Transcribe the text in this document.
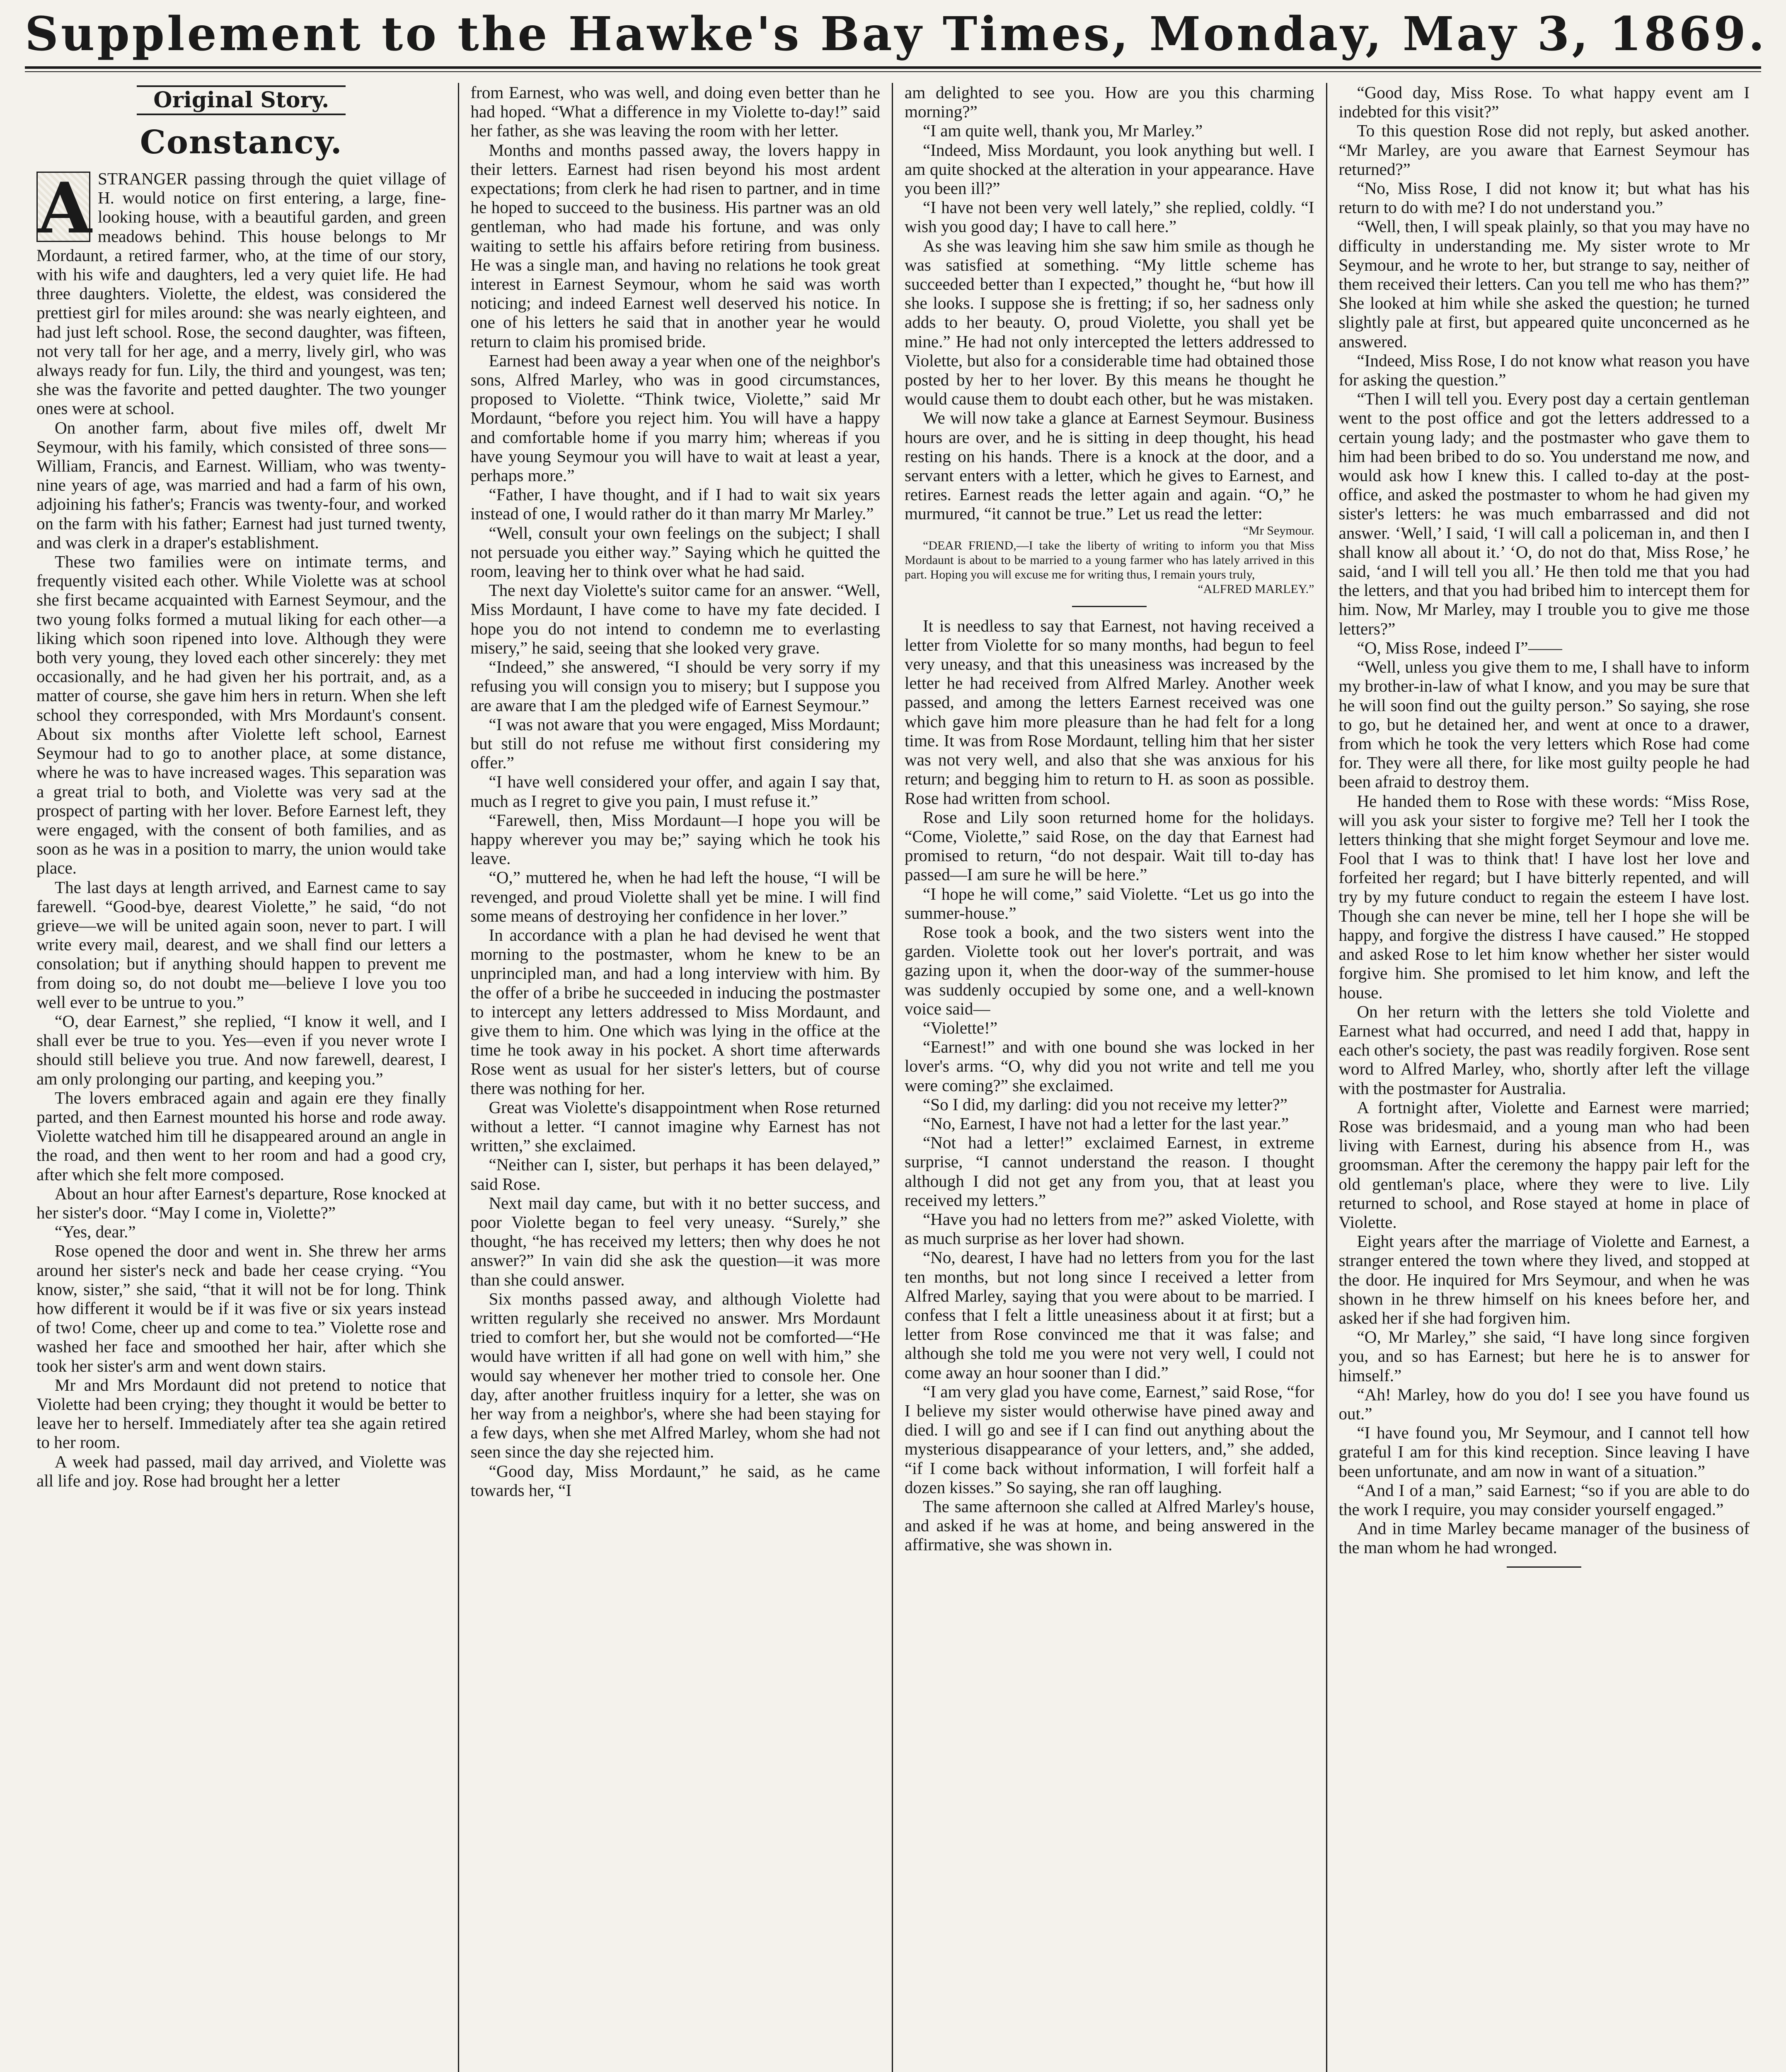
Supplement to the Hawke's Bay Times, Monday, May 3, 1869.
Original Story.
Constancy.
A STRANGER passing through the quiet village of H. would notice on first entering, a large, fine-looking house, with a beautiful garden, and green meadows behind. This house belongs to Mr Mordaunt, a retired farmer, who, at the time of our story, with his wife and daughters, led a very quiet life. He had three daughters. Violette, the eldest, was considered the prettiest girl for miles around: she was nearly eighteen, and had just left school. Rose, the second daughter, was fifteen, not very tall for her age, and a merry, lively girl, who was always ready for fun. Lily, the third and youngest, was ten; she was the favorite and petted daughter. The two younger ones were at school.

On another farm, about five miles off, dwelt Mr Seymour, with his family, which consisted of three sons—William, Francis, and Earnest. William, who was twenty-nine years of age, was married and had a farm of his own, adjoining his father's; Francis was twenty-four, and worked on the farm with his father; Earnest had just turned twenty, and was clerk in a draper's establishment.

These two families were on intimate terms, and frequently visited each other. While Violette was at school she first became acquainted with Earnest Seymour, and the two young folks formed a mutual liking for each other—a liking which soon ripened into love. Although they were both very young, they loved each other sincerely: they met occasionally, and he had given her his portrait, and, as a matter of course, she gave him hers in return. When she left school they corresponded, with Mrs Mordaunt's consent. About six months after Violette left school, Earnest Seymour had to go to another place, at some distance, where he was to have increased wages. This separation was a great trial to both, and Violette was very sad at the prospect of parting with her lover. Before Earnest left, they were engaged, with the consent of both families, and as soon as he was in a position to marry, the union would take place.

The last days at length arrived, and Earnest came to say farewell. “Good-bye, dearest Violette,” he said, “do not grieve—we will be united again soon, never to part. I will write every mail, dearest, and we shall find our letters a consolation; but if anything should happen to prevent me from doing so, do not doubt me—believe I love you too well ever to be untrue to you.”

“O, dear Earnest,” she replied, “I know it well, and I shall ever be true to you. Yes—even if you never wrote I should still believe you true. And now farewell, dearest, I am only prolonging our parting, and keeping you.”

The lovers embraced again and again ere they finally parted, and then Earnest mounted his horse and rode away. Violette watched him till he disappeared around an angle in the road, and then went to her room and had a good cry, after which she felt more composed.

About an hour after Earnest's departure, Rose knocked at her sister's door. “May I come in, Violette?”

“Yes, dear.”

Rose opened the door and went in. She threw her arms around her sister's neck and bade her cease crying. “You know, sister,” she said, “that it will not be for long. Think how different it would be if it was five or six years instead of two! Come, cheer up and come to tea.” Violette rose and washed her face and smoothed her hair, after which she took her sister's arm and went down stairs.

Mr and Mrs Mordaunt did not pretend to notice that Violette had been crying; they thought it would be better to leave her to herself. Immediately after tea she again retired to her room.

A week had passed, mail day arrived, and Violette was all life and joy. Rose had brought her a letter

from Earnest, who was well, and doing even better than he had hoped. “What a difference in my Violette to-day!” said her father, as she was leaving the room with her letter.

Months and months passed away, the lovers happy in their letters. Earnest had risen beyond his most ardent expectations; from clerk he had risen to partner, and in time he hoped to succeed to the business. His partner was an old gentleman, who had made his fortune, and was only waiting to settle his affairs before retiring from business. He was a single man, and having no relations he took great interest in Earnest Seymour, whom he said was worth noticing; and indeed Earnest well deserved his notice. In one of his letters he said that in another year he would return to claim his promised bride.

Earnest had been away a year when one of the neighbor's sons, Alfred Marley, who was in good circumstances, proposed to Violette. “Think twice, Violette,” said Mr Mordaunt, “before you reject him. You will have a happy and comfortable home if you marry him; whereas if you have young Seymour you will have to wait at least a year, perhaps more.”

“Father, I have thought, and if I had to wait six years instead of one, I would rather do it than marry Mr Marley.”

“Well, consult your own feelings on the subject; I shall not persuade you either way.” Saying which he quitted the room, leaving her to think over what he had said.

The next day Violette's suitor came for an answer. “Well, Miss Mordaunt, I have come to have my fate decided. I hope you do not intend to condemn me to everlasting misery,” he said, seeing that she looked very grave.

“Indeed,” she answered, “I should be very sorry if my refusing you will consign you to misery; but I suppose you are aware that I am the pledged wife of Earnest Seymour.”

“I was not aware that you were engaged, Miss Mordaunt; but still do not refuse me without first considering my offer.”

“I have well considered your offer, and again I say that, much as I regret to give you pain, I must refuse it.”

“Farewell, then, Miss Mordaunt—I hope you will be happy wherever you may be;” saying which he took his leave.

“O,” muttered he, when he had left the house, “I will be revenged, and proud Violette shall yet be mine. I will find some means of destroying her confidence in her lover.”

In accordance with a plan he had devised he went that morning to the postmaster, whom he knew to be an unprincipled man, and had a long interview with him. By the offer of a bribe he succeeded in inducing the postmaster to intercept any letters addressed to Miss Mordaunt, and give them to him. One which was lying in the office at the time he took away in his pocket. A short time afterwards Rose went as usual for her sister's letters, but of course there was nothing for her.

Great was Violette's disappointment when Rose returned without a letter. “I cannot imagine why Earnest has not written,” she exclaimed.

“Neither can I, sister, but perhaps it has been delayed,” said Rose.

Next mail day came, but with it no better success, and poor Violette began to feel very uneasy. “Surely,” she thought, “he has received my letters; then why does he not answer?” In vain did she ask the question—it was more than she could answer.

Six months passed away, and although Violette had written regularly she received no answer. Mrs Mordaunt tried to comfort her, but she would not be comforted—“He would have written if all had gone on well with him,” she would say whenever her mother tried to console her. One day, after another fruitless inquiry for a letter, she was on her way from a neighbor's, where she had been staying for a few days, when she met Alfred Marley, whom she had not seen since the day she rejected him.

“Good day, Miss Mordaunt,” he said, as he came towards her, “I

am delighted to see you. How are you this charming morning?”

“I am quite well, thank you, Mr Marley.”

“Indeed, Miss Mordaunt, you look anything but well. I am quite shocked at the alteration in your appearance. Have you been ill?”

“I have not been very well lately,” she replied, coldly. “I wish you good day; I have to call here.”

As she was leaving him she saw him smile as though he was satisfied at something. “My little scheme has succeeded better than I expected,” thought he, “but how ill she looks. I suppose she is fretting; if so, her sadness only adds to her beauty. O, proud Violette, you shall yet be mine.” He had not only intercepted the letters addressed to Violette, but also for a considerable time had obtained those posted by her to her lover. By this means he thought he would cause them to doubt each other, but he was mistaken.

We will now take a glance at Earnest Seymour. Business hours are over, and he is sitting in deep thought, his head resting on his hands. There is a knock at the door, and a servant enters with a letter, which he gives to Earnest, and retires. Earnest reads the letter again and again. “O,” he murmured, “it cannot be true.” Let us read the letter:

“Mr Seymour.

“DEAR FRIEND,—I take the liberty of writing to inform you that Miss Mordaunt is about to be married to a young farmer who has lately arrived in this part. Hoping you will excuse me for writing thus, I remain yours truly,

“ALFRED MARLEY.”

It is needless to say that Earnest, not having received a letter from Violette for so many months, had begun to feel very uneasy, and that this uneasiness was increased by the letter he had received from Alfred Marley. Another week passed, and among the letters Earnest received was one which gave him more pleasure than he had felt for a long time. It was from Rose Mordaunt, telling him that her sister was not very well, and also that she was anxious for his return; and begging him to return to H. as soon as possible. Rose had written from school.

Rose and Lily soon returned home for the holidays. “Come, Violette,” said Rose, on the day that Earnest had promised to return, “do not despair. Wait till to-day has passed—I am sure he will be here.”

“I hope he will come,” said Violette. “Let us go into the summer-house.”

Rose took a book, and the two sisters went into the garden. Violette took out her lover's portrait, and was gazing upon it, when the door-way of the summer-house was suddenly occupied by some one, and a well-known voice said—

“Violette!”

“Earnest!” and with one bound she was locked in her lover's arms. “O, why did you not write and tell me you were coming?” she exclaimed.

“So I did, my darling: did you not receive my letter?”

“No, Earnest, I have not had a letter for the last year.”

“Not had a letter!” exclaimed Earnest, in extreme surprise, “I cannot understand the reason. I thought although I did not get any from you, that at least you received my letters.”

“Have you had no letters from me?” asked Violette, with as much surprise as her lover had shown.

“No, dearest, I have had no letters from you for the last ten months, but not long since I received a letter from Alfred Marley, saying that you were about to be married. I confess that I felt a little uneasiness about it at first; but a letter from Rose convinced me that it was false; and although she told me you were not very well, I could not come away an hour sooner than I did.”

“I am very glad you have come, Earnest,” said Rose, “for I believe my sister would otherwise have pined away and died. I will go and see if I can find out anything about the mysterious disappearance of your letters, and,” she added, “if I come back without information, I will forfeit half a dozen kisses.” So saying, she ran off laughing.

The same afternoon she called at Alfred Marley's house, and asked if he was at home, and being answered in the affirmative, she was shown in.

“Good day, Miss Rose. To what happy event am I indebted for this visit?”

To this question Rose did not reply, but asked another. “Mr Marley, are you aware that Earnest Seymour has returned?”

“No, Miss Rose, I did not know it; but what has his return to do with me? I do not understand you.”

“Well, then, I will speak plainly, so that you may have no difficulty in understanding me. My sister wrote to Mr Seymour, and he wrote to her, but strange to say, neither of them received their letters. Can you tell me who has them?” She looked at him while she asked the question; he turned slightly pale at first, but appeared quite unconcerned as he answered.

“Indeed, Miss Rose, I do not know what reason you have for asking the question.”

“Then I will tell you. Every post day a certain gentleman went to the post office and got the letters addressed to a certain young lady; and the postmaster who gave them to him had been bribed to do so. You understand me now, and would ask how I knew this. I called to-day at the post-office, and asked the postmaster to whom he had given my sister's letters: he was much embarrassed and did not answer. ‘Well,’ I said, ‘I will call a policeman in, and then I shall know all about it.’ ‘O, do not do that, Miss Rose,’ he said, ‘and I will tell you all.’ He then told me that you had the letters, and that you had bribed him to intercept them for him. Now, Mr Marley, may I trouble you to give me those letters?”

“O, Miss Rose, indeed I”——

“Well, unless you give them to me, I shall have to inform my brother-in-law of what I know, and you may be sure that he will soon find out the guilty person.” So saying, she rose to go, but he detained her, and went at once to a drawer, from which he took the very letters which Rose had come for. They were all there, for like most guilty people he had been afraid to destroy them.

He handed them to Rose with these words: “Miss Rose, will you ask your sister to forgive me? Tell her I took the letters thinking that she might forget Seymour and love me. Fool that I was to think that! I have lost her love and forfeited her regard; but I have bitterly repented, and will try by my future conduct to regain the esteem I have lost. Though she can never be mine, tell her I hope she will be happy, and forgive the distress I have caused.” He stopped and asked Rose to let him know whether her sister would forgive him. She promised to let him know, and left the house.

On her return with the letters she told Violette and Earnest what had occurred, and need I add that, happy in each other's society, the past was readily forgiven. Rose sent word to Alfred Marley, who, shortly after left the village with the postmaster for Australia.

A fortnight after, Violette and Earnest were married; Rose was bridesmaid, and a young man who had been living with Earnest, during his absence from H., was groomsman. After the ceremony the happy pair left for the old gentleman's place, where they were to live. Lily returned to school, and Rose stayed at home in place of Violette.

Eight years after the marriage of Violette and Earnest, a stranger entered the town where they lived, and stopped at the door. He inquired for Mrs Seymour, and when he was shown in he threw himself on his knees before her, and asked her if she had forgiven him.

“O, Mr Marley,” she said, “I have long since forgiven you, and so has Earnest; but here he is to answer for himself.”

“Ah! Marley, how do you do! I see you have found us out.”

“I have found you, Mr Seymour, and I cannot tell how grateful I am for this kind reception. Since leaving I have been unfortunate, and am now in want of a situation.”

“And I of a man,” said Earnest; “so if you are able to do the work I require, you may consider yourself engaged.”

And in time Marley became manager of the business of the man whom he had wronged.
